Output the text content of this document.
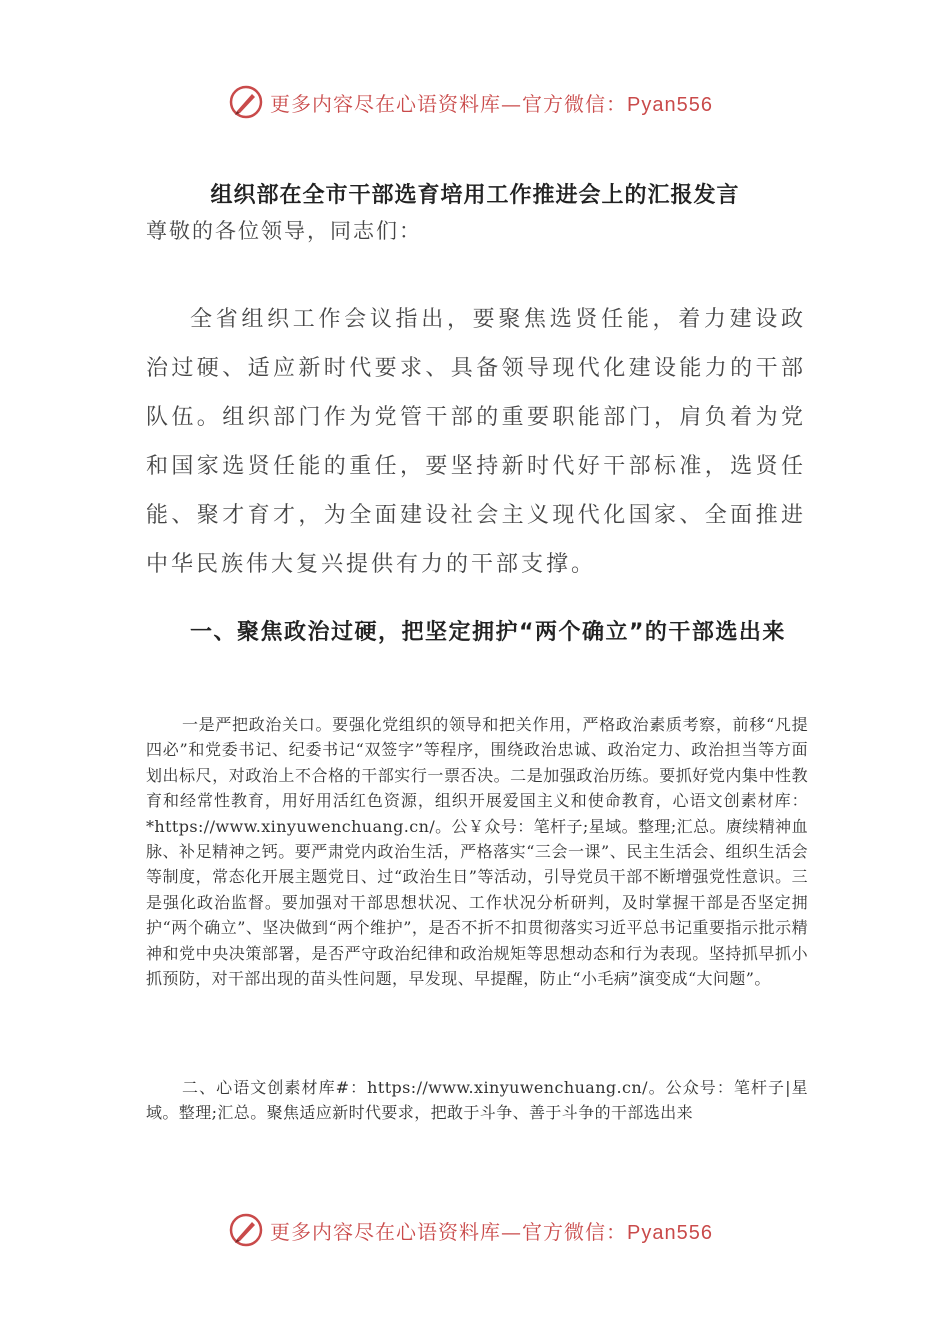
更多内容尽在心语资料库—官方微信：Pyan556
组织部在全市干部选育培用工作推进会上的汇报发言
尊敬的各位领导，同志们：

全省组织工作会议指出，要聚焦选贤任能，着力建设政治过硬、适应新时代要求、具备领导现代化建设能力的干部队伍。组织部门作为党管干部的重要职能部门，肩负着为党和国家选贤任能的重任，要坚持新时代好干部标准，选贤任能、聚才育才，为全面建设社会主义现代化国家、全面推进中华民族伟大复兴提供有力的干部支撑。

一、聚焦政治过硬，把坚定拥护“两个确立”的干部选出来

一是严把政治关口。要强化党组织的领导和把关作用，严格政治素质考察，前移“凡提四必”和党委书记、纪委书记“双签字”等程序，围绕政治忠诚、政治定力、政治担当等方面划出标尺，对政治上不合格的干部实行一票否决。二是加强政治历练。要抓好党内集中性教育和经常性教育，用好用活红色资源，组织开展爱国主义和使命教育，心语文创素材库：*https://www.xinyuwenchuang.cn/。公￥众号：笔杆子;星域。整理;汇总。赓续精神血脉、补足精神之钙。要严肃党内政治生活，严格落实“三会一课”、民主生活会、组织生活会等制度，常态化开展主题党日、过“政治生日”等活动，引导党员干部不断增强党性意识。三是强化政治监督。要加强对干部思想状况、工作状况分析研判，及时掌握干部是否坚定拥护“两个确立”、坚决做到“两个维护”，是否不折不扣贯彻落实习近平总书记重要指示批示精神和党中央决策部署，是否严守政治纪律和政治规矩等思想动态和行为表现。坚持抓早抓小抓预防，对干部出现的苗头性问题，早发现、早提醒，防止“小毛病”演变成“大问题”。

二、心语文创素材库#：https://www.xinyuwenchuang.cn/。公众号：笔杆子|星域。整理;汇总。聚焦适应新时代要求，把敢于斗争、善于斗争的干部选出来

更多内容尽在心语资料库—官方微信：Pyan556
